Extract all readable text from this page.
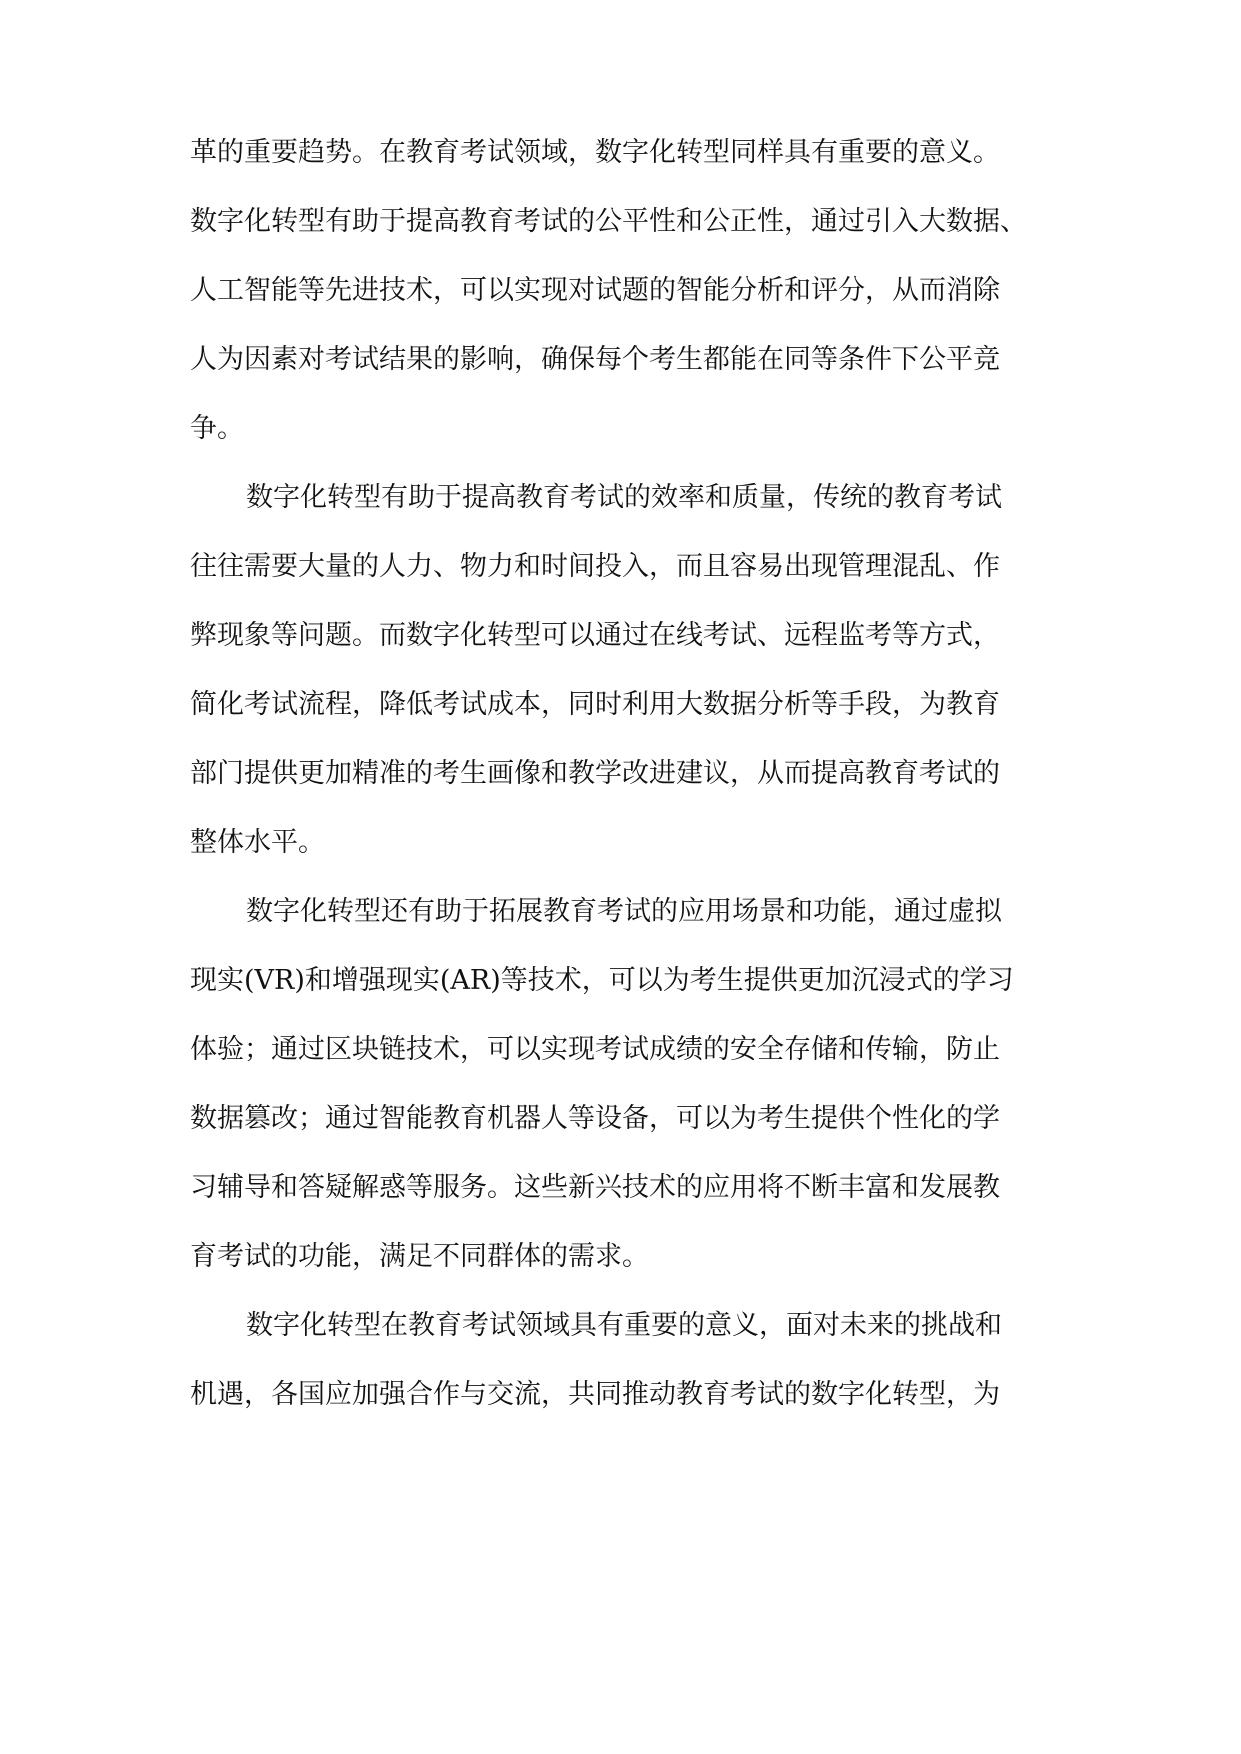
革的重要趋势。在教育考试领域，数字化转型同样具有重要的意义。
数字化转型有助于提高教育考试的公平性和公正性，通过引入大数据、
人工智能等先进技术，可以实现对试题的智能分析和评分，从而消除
人为因素对考试结果的影响，确保每个考生都能在同等条件下公平竞
争。
数字化转型有助于提高教育考试的效率和质量，传统的教育考试
往往需要大量的人力、物力和时间投入，而且容易出现管理混乱、作
弊现象等问题。而数字化转型可以通过在线考试、远程监考等方式，
简化考试流程，降低考试成本，同时利用大数据分析等手段，为教育
部门提供更加精准的考生画像和教学改进建议，从而提高教育考试的
整体水平。
数字化转型还有助于拓展教育考试的应用场景和功能，通过虚拟
现实(VR)和增强现实(AR)等技术，可以为考生提供更加沉浸式的学习
体验；通过区块链技术，可以实现考试成绩的安全存储和传输，防止
数据篡改；通过智能教育机器人等设备，可以为考生提供个性化的学
习辅导和答疑解惑等服务。这些新兴技术的应用将不断丰富和发展教
育考试的功能，满足不同群体的需求。
数字化转型在教育考试领域具有重要的意义，面对未来的挑战和
机遇，各国应加强合作与交流，共同推动教育考试的数字化转型，为
